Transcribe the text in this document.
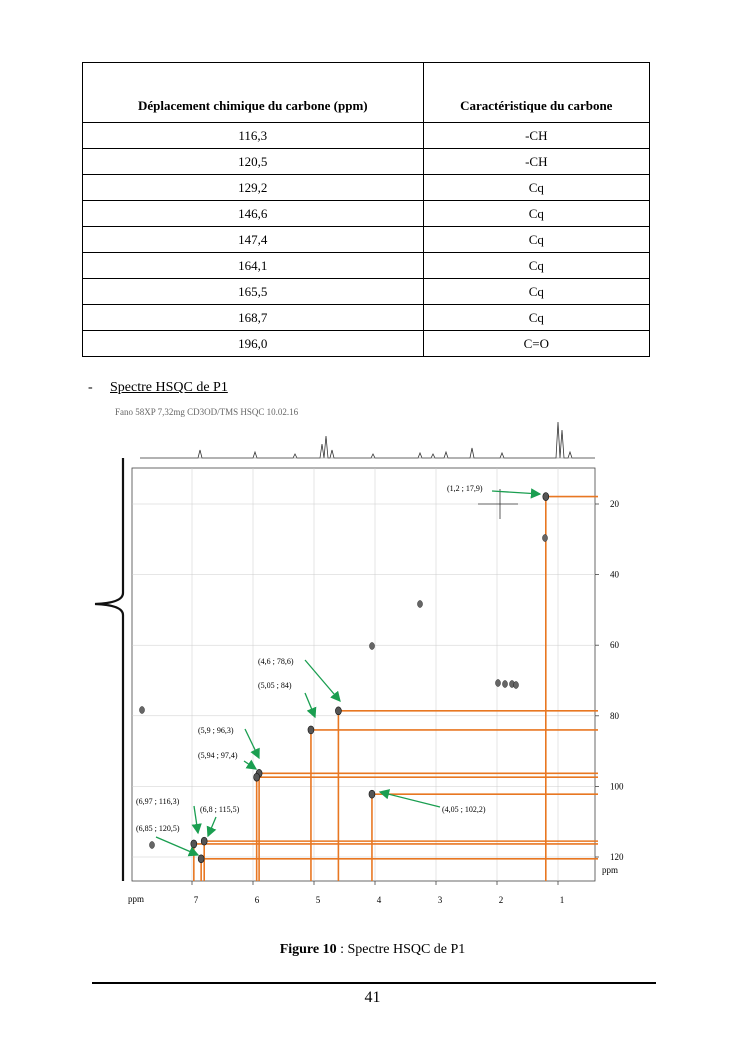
Déplacement chimique du carbone (ppm)	Caractéristique du carbone
116,3	-CH
120,5	-CH
129,2	Cq
146,6	Cq
147,4	Cq
164,1	Cq
165,5	Cq
168,7	Cq
196,0	C=O
- Spectre HSQC de P1
Fano 58XP 7,32mg CD3OD/TMS HSQC 10.02.16
(1,2 ; 17,9)
(4,6 ; 78,6)
(5,05 ; 84)
(5,9 ; 96,3)
(5,94 ; 97,4)
(4,05 ; 102,2)
(6,97 ; 116,3)
(6,8 ; 115,5)
(6,85 ; 120,5)
7	6	5	4	3	2	1
20
40
60
80
100
120
ppm
ppm
Figure 10 : Spectre HSQC de P1
41
